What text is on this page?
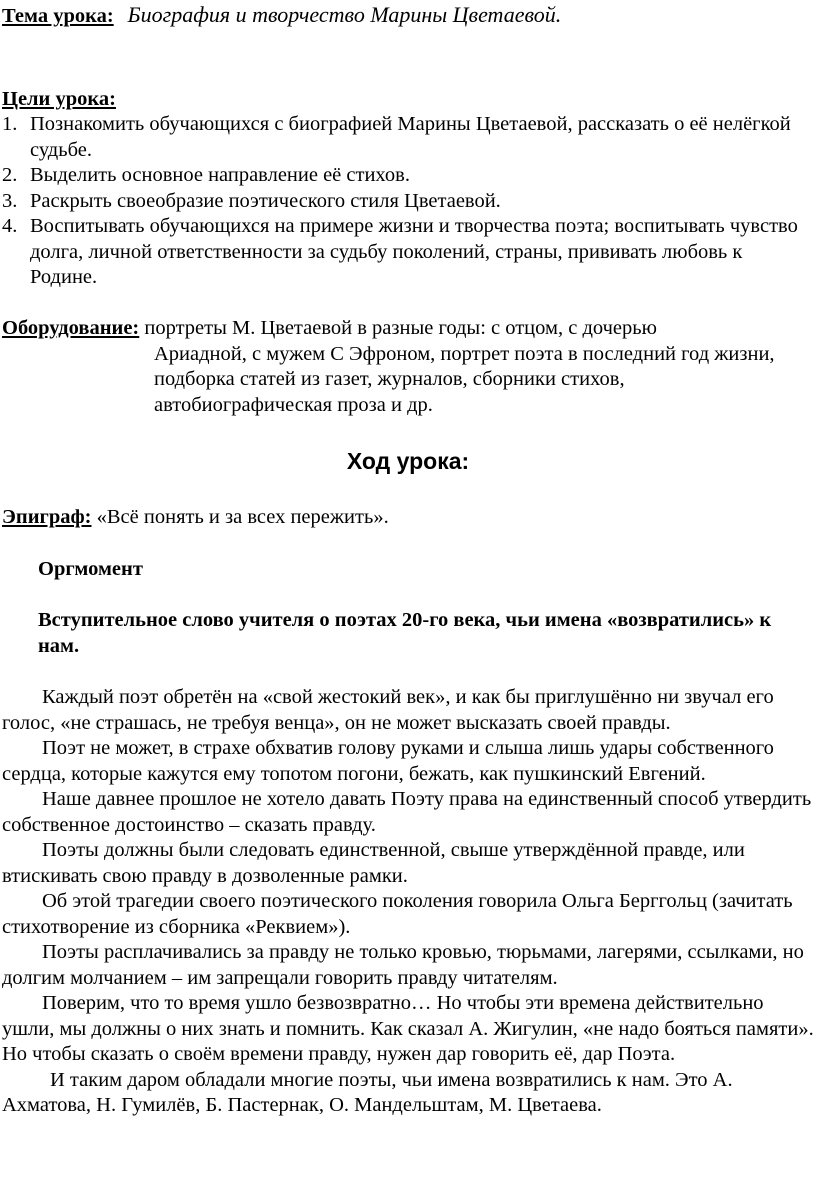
Тема урока: Биография и творчество Марины Цветаевой.
Цели урока:
1. Познакомить обучающихся с биографией Марины Цветаевой, рассказать о её нелёгкой судьбе.
2. Выделить основное направление её стихов.
3. Раскрыть своеобразие поэтического стиля Цветаевой.
4. Воспитывать обучающихся на примере жизни и творчества поэта; воспитывать чувство долга, личной ответственности за судьбу поколений, страны, прививать любовь к Родине.
Оборудование: портреты М. Цветаевой в разные годы: с отцом, с дочерью
Ариадной, с мужем С Эфроном, портрет поэта в последний год жизни, подборка статей из газет, журналов, сборники стихов, автобиографическая проза и др.
Ход урока:
Эпиграф: «Всё понять и за всех пережить».
Оргмомент
Вступительное слово учителя о поэтах 20-го века, чьи имена «возвратились» к нам.

Каждый поэт обретён на «свой жестокий век», и как бы приглушённо ни звучал его голос, «не страшась, не требуя венца», он не может высказать своей правды.

Поэт не может, в страхе обхватив голову руками и слыша лишь удары собственного сердца, которые кажутся ему топотом погони, бежать, как пушкинский Евгений.

Наше давнее прошлое не хотело давать Поэту права на единственный способ утвердить собственное достоинство – сказать правду.

Поэты должны были следовать единственной, свыше утверждённой правде, или втискивать свою правду в дозволенные рамки.

Об этой трагедии своего поэтического поколения говорила Ольга Берггольц (зачитать стихотворение из сборника «Реквием»).

Поэты расплачивались за правду не только кровью, тюрьмами, лагерями, ссылками, но долгим молчанием – им запрещали говорить правду читателям.

Поверим, что то время ушло безвозвратно… Но чтобы эти времена действительно ушли, мы должны о них знать и помнить. Как сказал А. Жигулин, «не надо бояться памяти». Но чтобы сказать о своём времени правду, нужен дар говорить её, дар Поэта.

И таким даром обладали многие поэты, чьи имена возвратились к нам. Это А. Ахматова, Н. Гумилёв, Б. Пастернак, О. Мандельштам, М. Цветаева.
